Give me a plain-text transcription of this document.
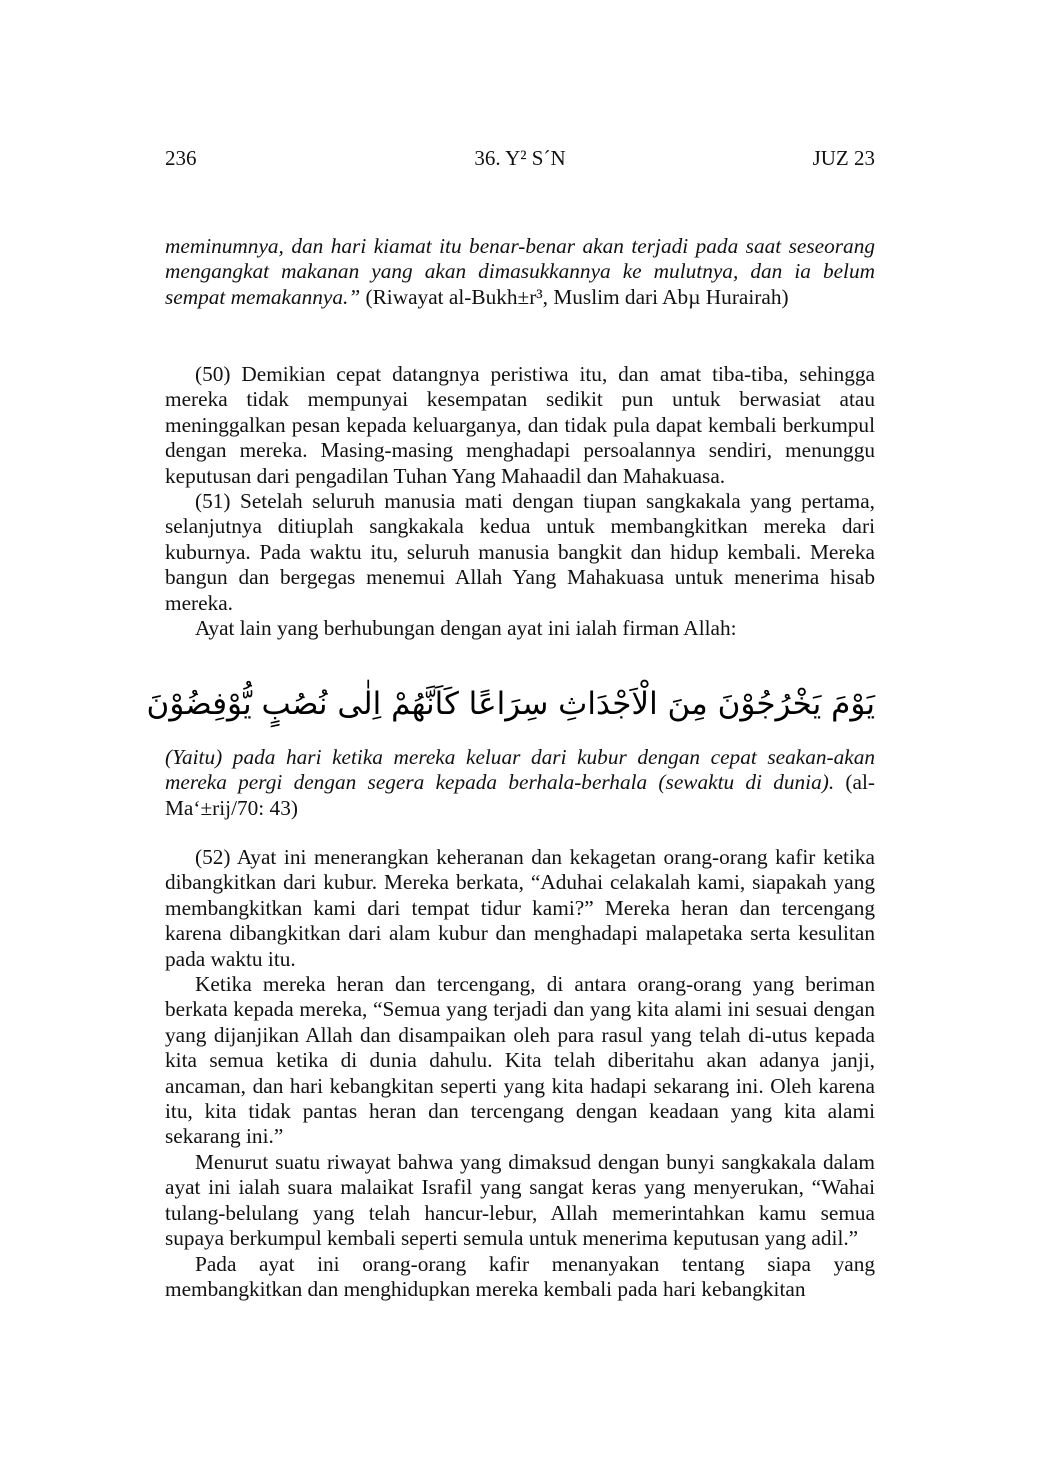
36. Y² S´N
236	JUZ 23

meminumnya, dan hari kiamat itu benar-benar akan terjadi pada saat seseorang mengangkat makanan yang akan dimasukkannya ke mulutnya, dan ia belum sempat memakannya.” (Riwayat al-Bukh±r³, Muslim dari Abµ Hurairah)

(50) Demikian cepat datangnya peristiwa itu, dan amat tiba-tiba, sehingga mereka tidak mempunyai kesempatan sedikit pun untuk berwasiat atau meninggalkan pesan kepada keluarganya, dan tidak pula dapat kembali berkumpul dengan mereka. Masing-masing menghadapi persoalannya sendiri, menunggu keputusan dari pengadilan Tuhan Yang Mahaadil dan Mahakuasa.

(51) Setelah seluruh manusia mati dengan tiupan sangkakala yang pertama, selanjutnya ditiuplah sangkakala kedua untuk membangkitkan mereka dari kuburnya. Pada waktu itu, seluruh manusia bangkit dan hidup kembali. Mereka bangun dan bergegas menemui Allah Yang Mahakuasa untuk menerima hisab mereka.

Ayat lain yang berhubungan dengan ayat ini ialah firman Allah:

يَوْمَ يَخْرُجُوْنَ مِنَ الْاَجْدَاثِ سِرَاعًا كَاَنَّهُمْ اِلٰى نُصُبٍ يُّوْفِضُوْنَ

(Yaitu) pada hari ketika mereka keluar dari kubur dengan cepat seakan-akan mereka pergi dengan segera kepada berhala-berhala (sewaktu di dunia). (al-Ma‘±rij/70: 43)

(52) Ayat ini menerangkan keheranan dan kekagetan orang-orang kafir ketika dibangkitkan dari kubur. Mereka berkata, “Aduhai celakalah kami, siapakah yang membangkitkan kami dari tempat tidur kami?” Mereka heran dan tercengang karena dibangkitkan dari alam kubur dan menghadapi malapetaka serta kesulitan pada waktu itu.

Ketika mereka heran dan tercengang, di antara orang-orang yang beriman berkata kepada mereka, “Semua yang terjadi dan yang kita alami ini sesuai dengan yang dijanjikan Allah dan disampaikan oleh para rasul yang telah di-utus kepada kita semua ketika di dunia dahulu. Kita telah diberitahu akan adanya janji, ancaman, dan hari kebangkitan seperti yang kita hadapi sekarang ini. Oleh karena itu, kita tidak pantas heran dan tercengang dengan keadaan yang kita alami sekarang ini.”

Menurut suatu riwayat bahwa yang dimaksud dengan bunyi sangkakala dalam ayat ini ialah suara malaikat Israfil yang sangat keras yang menyerukan, “Wahai tulang-belulang yang telah hancur-lebur, Allah memerintahkan kamu semua supaya berkumpul kembali seperti semula untuk menerima keputusan yang adil.”

Pada ayat ini orang-orang kafir menanyakan tentang siapa yang membangkitkan dan menghidupkan mereka kembali pada hari kebangkitan
